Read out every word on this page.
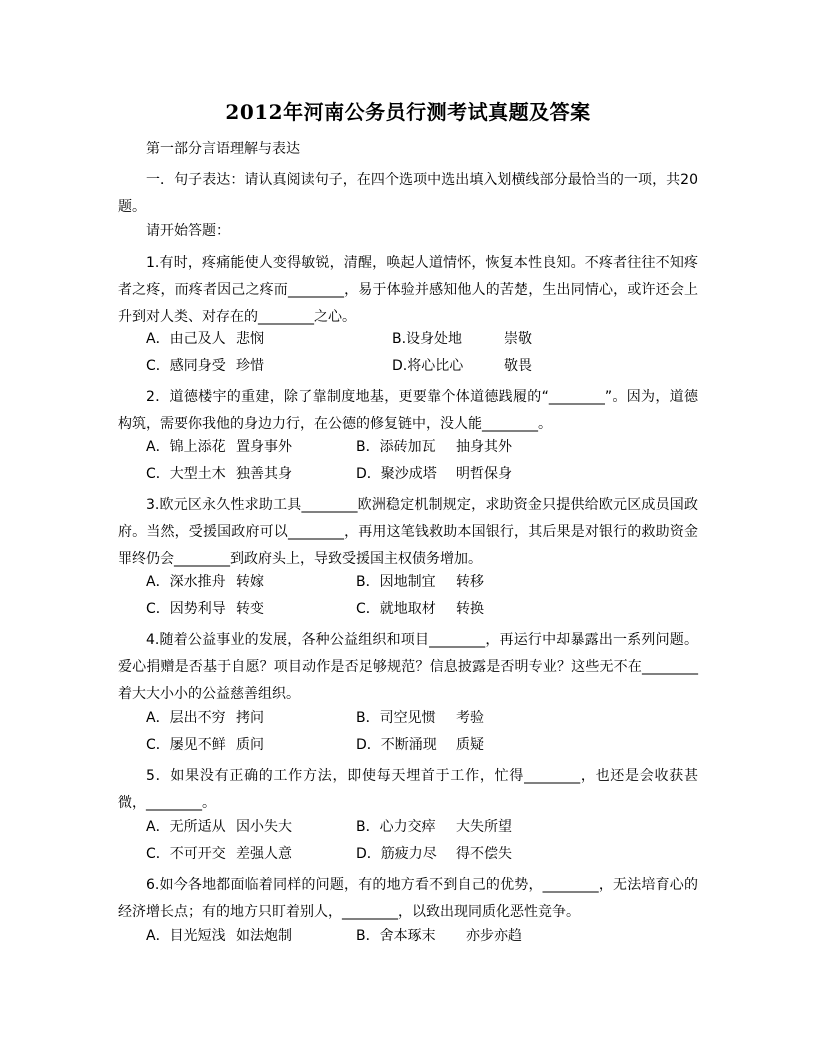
2012年河南公务员行测考试真题及答案
第一部分言语理解与表达
一．句子表达：请认真阅读句子，在四个选项中选出填入划横线部分最恰当的一项，共20题。
请开始答题：
1.有时，疼痛能使人变得敏锐，清醒，唤起人道情怀，恢复本性良知。不疼者往往不知疼者之疼，而疼者因己之疼而________，易于体验并感知他人的苦楚，生出同情心，或许还会上升到对人类、对存在的________之心。
A．由己及人 悲悯	B.设身处地	崇敬
C．感同身受 珍惜	D.将心比心	敬畏
2．道德楼宇的重建，除了靠制度地基，更要靠个体道德践履的“________”。因为，道德构筑，需要你我他的身边力行，在公德的修复链中，没人能________。
A．锦上添花 置身事外	B．添砖加瓦 抽身其外
C．大型土木 独善其身	D．聚沙成塔 明哲保身
3.欧元区永久性求助工具________欧洲稳定机制规定，求助资金只提供给欧元区成员国政府。当然，受援国政府可以________，再用这笔钱救助本国银行，其后果是对银行的救助资金罪终仍会________到政府头上，导致受援国主权债务增加。
A．深水推舟 转嫁	B．因地制宜 转移
C．因势利导 转变	C．就地取材 转换
4.随着公益事业的发展，各种公益组织和项目________，再运行中却暴露出一系列问题。爱心捐赠是否基于自愿？项目动作是否足够规范？信息披露是否明专业？这些无不在________着大大小小的公益慈善组织。
A．层出不穷 拷问	B．司空见惯 考验
C．屡见不鲜 质问	D．不断涌现 质疑
5．如果没有正确的工作方法，即使每天埋首于工作，忙得________，也还是会收获甚微，________。
A．无所适从 因小失大	B．心力交瘁 大失所望
C．不可开交 差强人意	D．筋疲力尽 得不偿失
6.如今各地都面临着同样的问题，有的地方看不到自己的优势，________，无法培育心的经济增长点；有的地方只盯着别人，________，以致出现同质化恶性竞争。
A．目光短浅 如法炮制	B．舍本琢末 亦步亦趋
